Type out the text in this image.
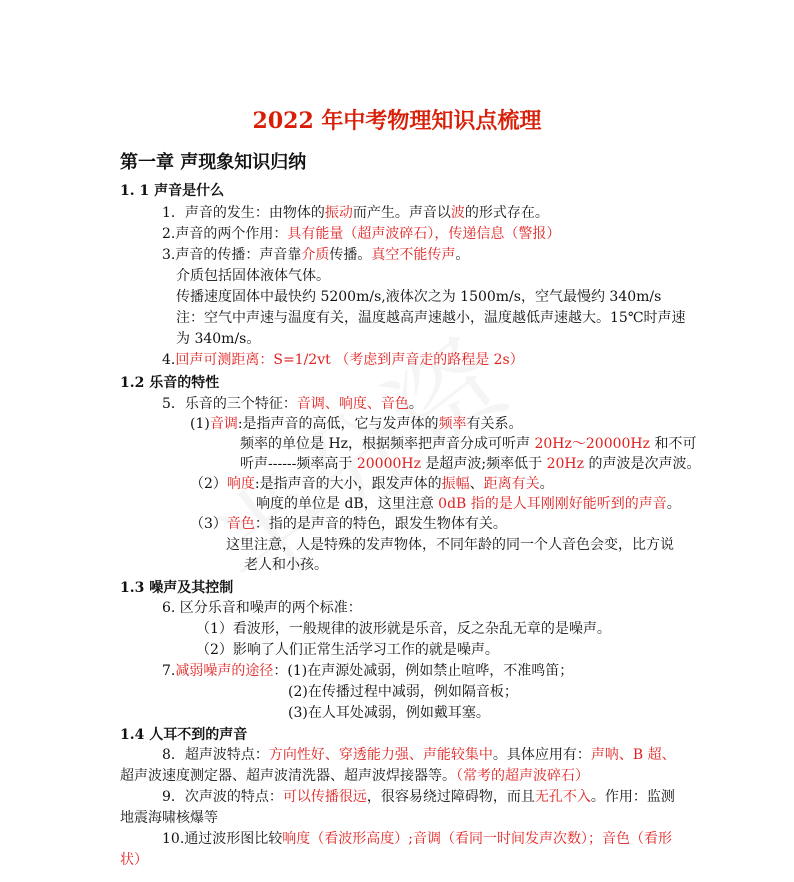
2022 年中考物理知识点梳理
第一章 声现象知识归纳
1. 1 声音是什么
1．声音的发生：由物体的振动而产生。声音以波的形式存在。
2.声音的两个作用：具有能量（超声波碎石），传递信息（警报）
3.声音的传播：声音靠介质传播。真空不能传声。
介质包括固体液体气体。
传播速度固体中最快约 5200m/s,液体次之为 1500m/s，空气最慢约 340m/s
注：空气中声速与温度有关，温度越高声速越小，温度越低声速越大。15℃时声速
为 340m/s。
4.回声可测距离：S=1/2vt （考虑到声音走的路程是 2s）
1.2 乐音的特性
5．乐音的三个特征：音调、响度、音色。
(1)音调:是指声音的高低，它与发声体的频率有关系。
频率的单位是 Hz，根据频率把声音分成可听声 20Hz～20000Hz 和不可
听声------频率高于 20000Hz 是超声波;频率低于 20Hz 的声波是次声波。
（2）响度:是指声音的大小，跟发声体的振幅、距离有关。
响度的单位是 dB，这里注意 0dB 指的是人耳刚刚好能听到的声音。
（3）音色：指的是声音的特色，跟发生物体有关。
这里注意，人是特殊的发声物体，不同年龄的同一个人音色会变，比方说
老人和小孩。
1.3 噪声及其控制
6. 区分乐音和噪声的两个标准：
（1）看波形，一般规律的波形就是乐音，反之杂乱无章的是噪声。
（2）影响了人们正常生活学习工作的就是噪声。
7.减弱噪声的途径：(1)在声源处减弱，例如禁止喧哗，不准鸣笛；
(2)在传播过程中减弱，例如隔音板；
(3)在人耳处减弱，例如戴耳塞。
1.4 人耳不到的声音
8．超声波特点：方向性好、穿透能力强、声能较集中。具体应用有：声呐、B 超、
超声波速度测定器、超声波清洗器、超声波焊接器等。（常考的超声波碎石）
9．次声波的特点：可以传播很远，很容易绕过障碍物，而且无孔不入。作用：监测
地震海啸核爆等
10.通过波形图比较响度（看波形高度）;音调（看同一时间发声次数）；音色（看形
状）
